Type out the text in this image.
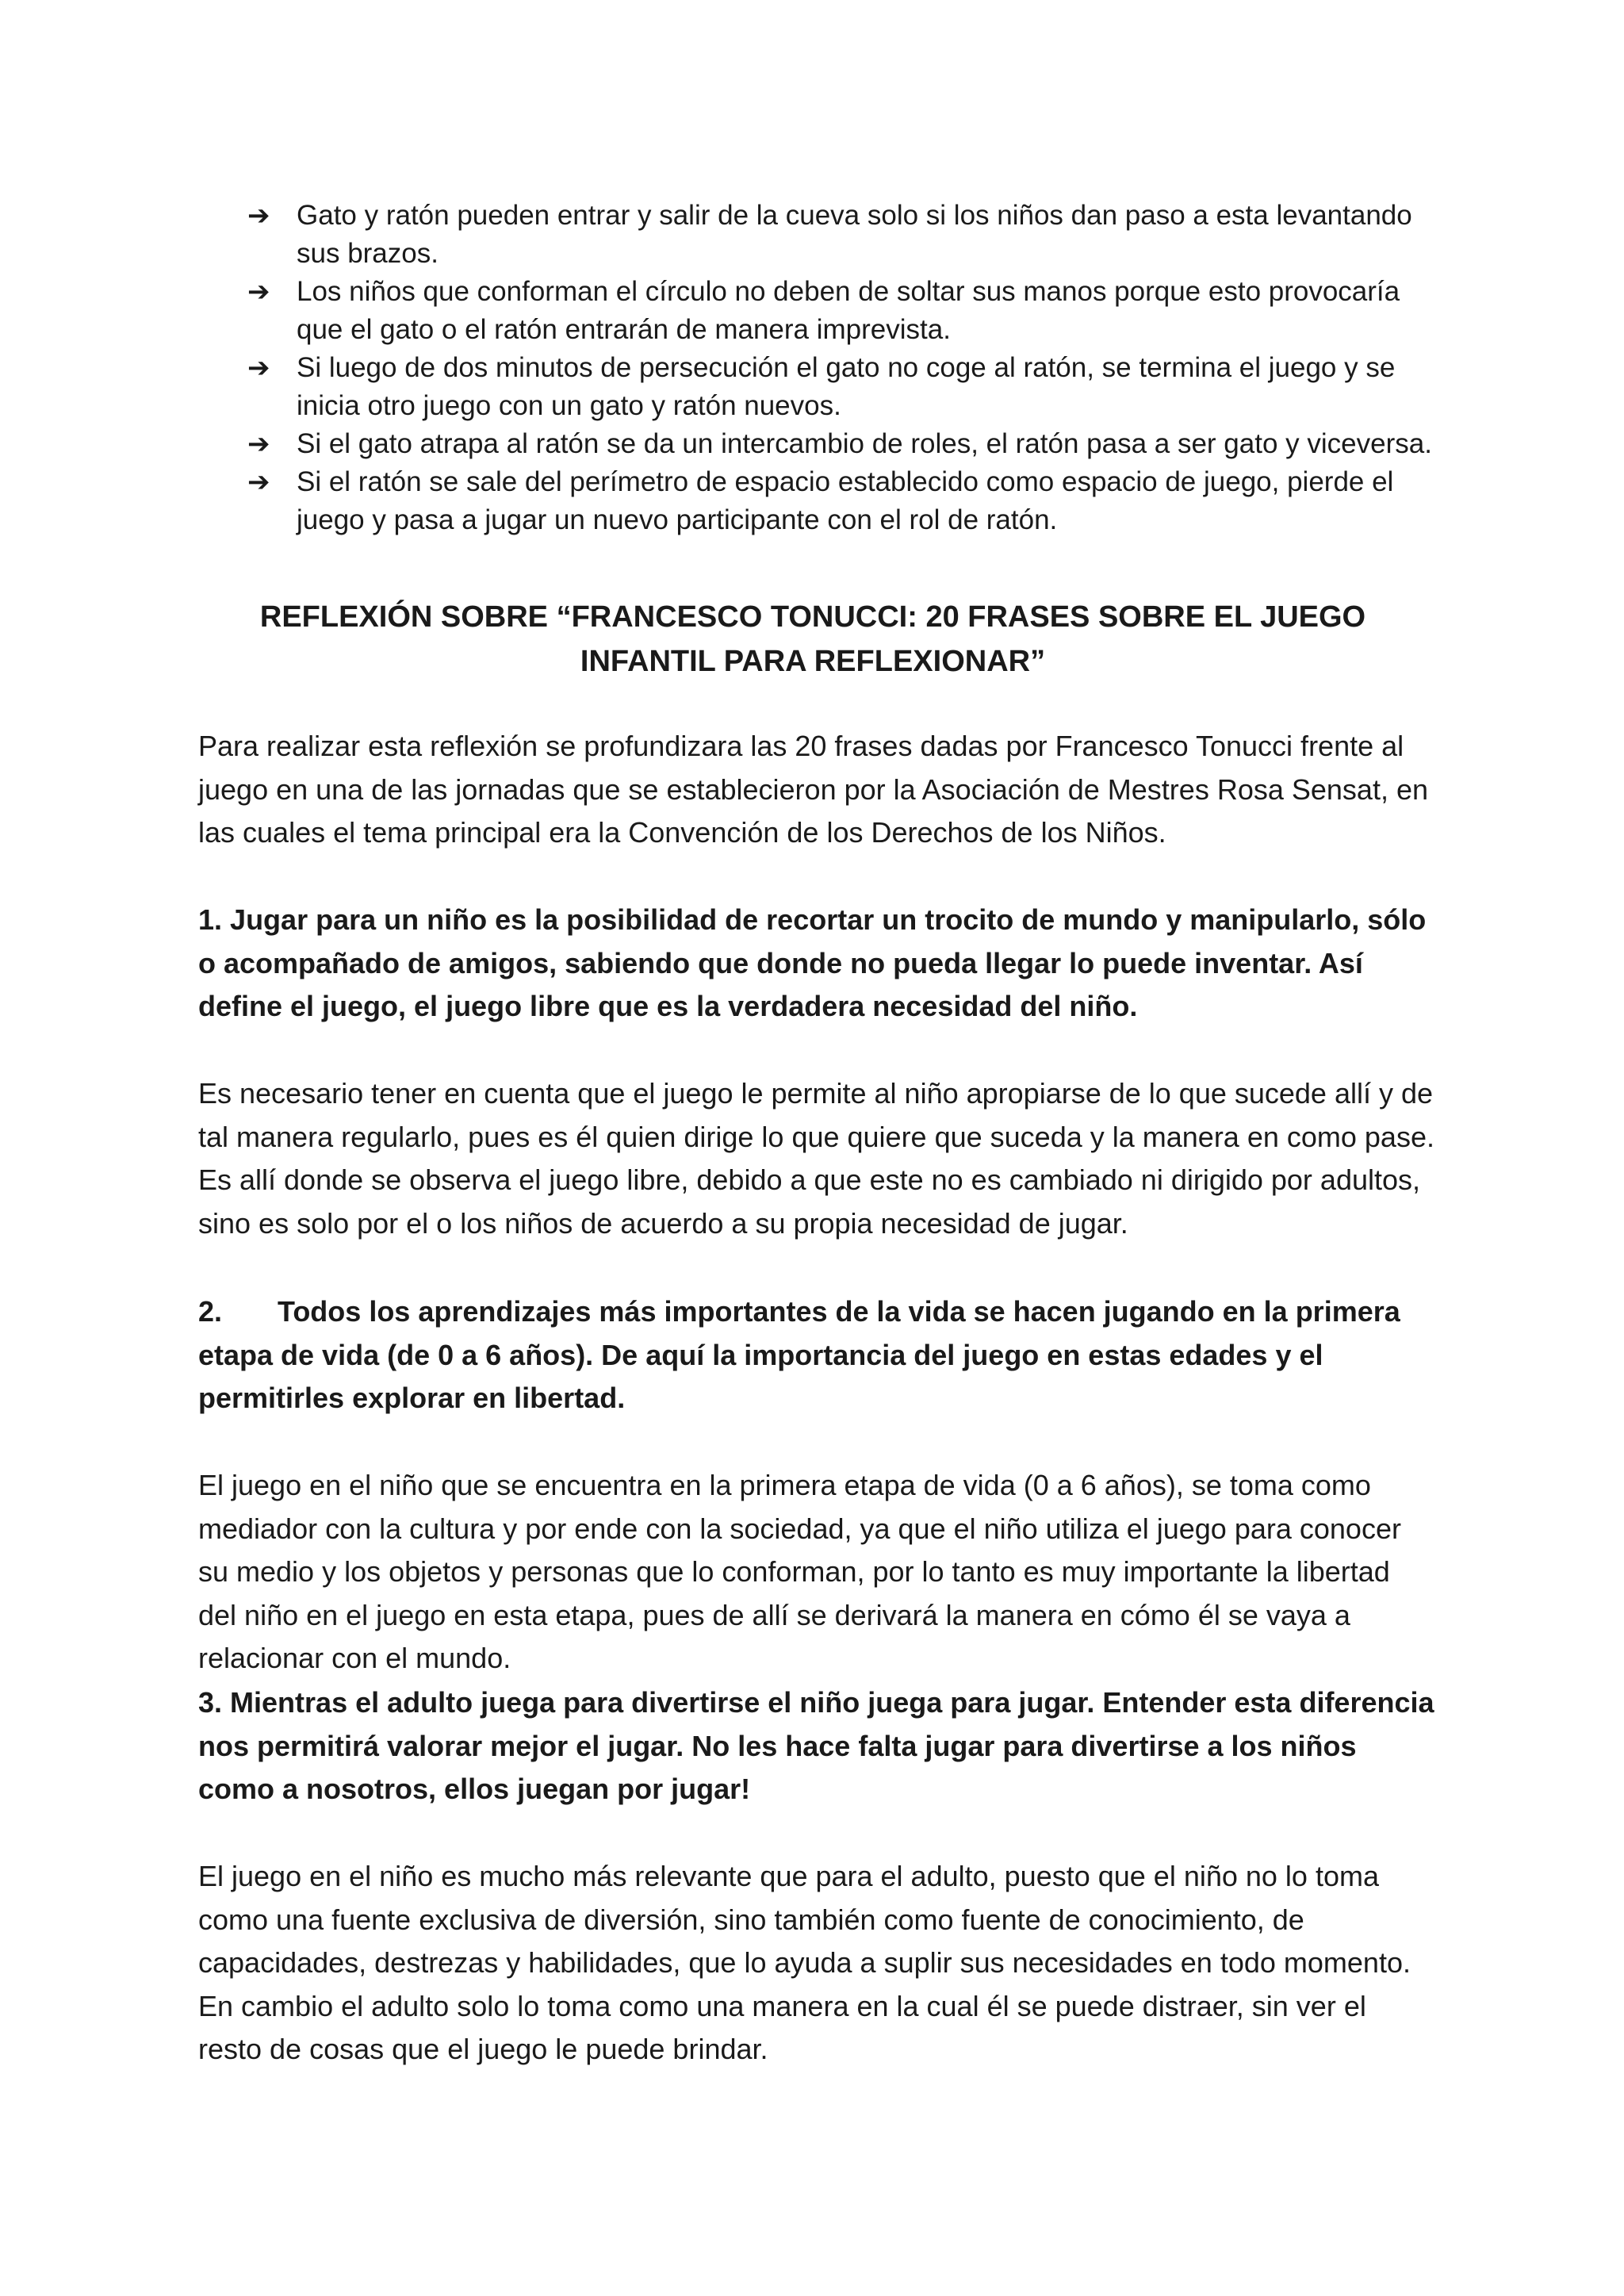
➔ Gato y ratón pueden entrar y salir de la cueva solo si los niños dan paso a esta levantando sus brazos.
➔ Los niños que conforman el círculo no deben de soltar sus manos porque esto provocaría que el gato o el ratón entrarán de manera imprevista.
➔ Si luego de dos minutos de persecución el gato no coge al ratón, se termina el juego y se inicia otro juego con un gato y ratón nuevos.
➔ Si el gato atrapa al ratón se da un intercambio de roles, el ratón pasa a ser gato y viceversa.
➔ Si el ratón se sale del perímetro de espacio establecido como espacio de juego, pierde el juego y pasa a jugar un nuevo participante con el rol de ratón.
REFLEXIÓN SOBRE “FRANCESCO TONUCCI: 20 FRASES SOBRE EL JUEGO INFANTIL PARA REFLEXIONAR”

Para realizar esta reflexión se profundizara las 20 frases dadas por Francesco Tonucci frente al juego en una de las jornadas que se establecieron por la Asociación de Mestres Rosa Sensat, en las cuales el tema principal era la Convención de los Derechos de los Niños.

1. Jugar para un niño es la posibilidad de recortar un trocito de mundo y manipularlo, sólo o acompañado de amigos, sabiendo que donde no pueda llegar lo puede inventar. Así define el juego, el juego libre que es la verdadera necesidad del niño.

Es necesario tener en cuenta que el juego le permite al niño apropiarse de lo que sucede allí y de tal manera regularlo, pues es él quien dirige lo que quiere que suceda y la manera en como pase. Es allí donde se observa el juego libre, debido a que este no es cambiado ni dirigido por adultos, sino es solo por el o los niños de acuerdo a su propia necesidad de jugar.

2. Todos los aprendizajes más importantes de la vida se hacen jugando en la primera etapa de vida (de 0 a 6 años). De aquí la importancia del juego en estas edades y el permitirles explorar en libertad.

El juego en el niño que se encuentra en la primera etapa de vida (0 a 6 años), se toma como mediador con la cultura y por ende con la sociedad, ya que el niño utiliza el juego para conocer su medio y los objetos y personas que lo conforman, por lo tanto es muy importante la libertad del niño en el juego en esta etapa, pues de allí se derivará la manera en cómo él se vaya a relacionar con el mundo.

3. Mientras el adulto juega para divertirse el niño juega para jugar. Entender esta diferencia nos permitirá valorar mejor el jugar. No les hace falta jugar para divertirse a los niños como a nosotros, ellos juegan por jugar!

El juego en el niño es mucho más relevante que para el adulto, puesto que el niño no lo toma como una fuente exclusiva de diversión, sino también como fuente de conocimiento, de capacidades, destrezas y habilidades, que lo ayuda a suplir sus necesidades en todo momento. En cambio el adulto solo lo toma como una manera en la cual él se puede distraer, sin ver el resto de cosas que el juego le puede brindar.
